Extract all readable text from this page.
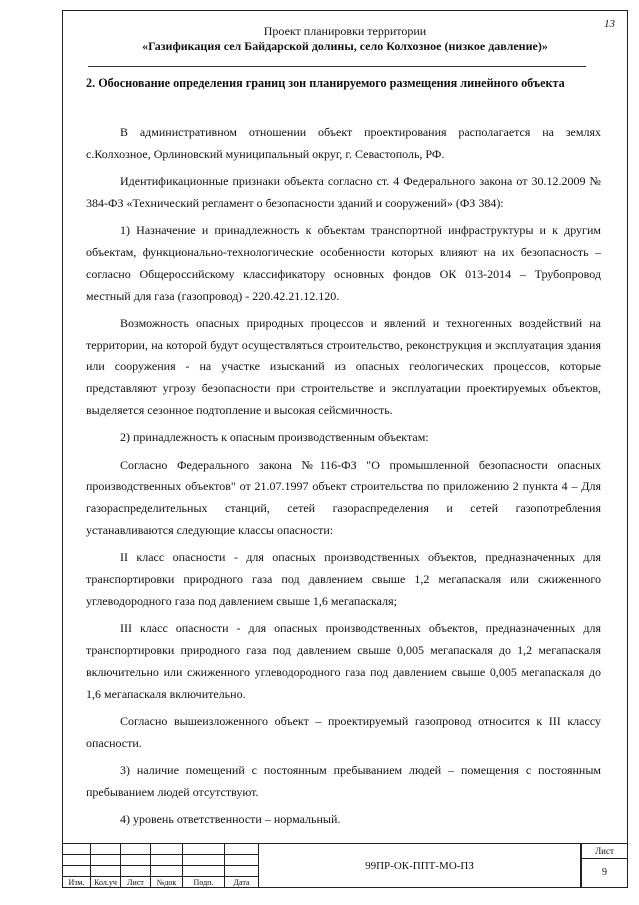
13
Проект планировки территории
«Газификация сел Байдарской долины, село Колхозное (низкое давление)»
2. Обоснование определения границ зон планируемого размещения линейного объекта

В административном отношении объект проектирования располагается на землях с.Колхозное, Орлиновский муниципальный округ, г. Севастополь, РФ.

Идентификационные признаки объекта согласно ст. 4 Федерального закона от 30.12.2009 № 384-ФЗ «Технический регламент о безопасности зданий и сооружений» (ФЗ 384):

1) Назначение и принадлежность к объектам транспортной инфраструктуры и к другим объектам, функционально-технологические особенности которых влияют на их безопасность – согласно Общероссийскому классификатору основных фондов ОК 013-2014 – Трубопровод местный для газа (газопровод) - 220.42.21.12.120.

Возможность опасных природных процессов и явлений и техногенных воздействий на территории, на которой будут осуществляться строительство, реконструкция и эксплуатация здания или сооружения - на участке изысканий из опасных геологических процессов, которые представляют угрозу безопасности при строительстве и эксплуатации проектируемых объектов, выделяется сезонное подтопление и высокая сейсмичность.

2) принадлежность к опасным производственным объектам:

Согласно Федерального закона №116-ФЗ "О промышленной безопасности опасных производственных объектов" от 21.07.1997 объект строительства по приложению 2 пункта 4 – Для газораспределительных станций, сетей газораспределения и сетей газопотребления устанавливаются следующие классы опасности:

II класс опасности - для опасных производственных объектов, предназначенных для транспортировки природного газа под давлением свыше 1,2 мегапаскаля или сжиженного углеводородного газа под давлением свыше 1,6 мегапаскаля;

III класс опасности - для опасных производственных объектов, предназначенных для транспортировки природного газа под давлением свыше 0,005 мегапаскаля до 1,2 мегапаскаля включительно или сжиженного углеводородного газа под давлением свыше 0,005 мегапаскаля до 1,6 мегапаскаля включительно.

Согласно вышеизложенного объект – проектируемый газопровод относится к III классу опасности.

3) наличие помещений с постоянным пребыванием людей – помещения с постоянным пребыванием людей отсутствуют.

4) уровень ответственности – нормальный.

Изм.	Кол.уч	Лист	№док	Подп.	Дата
99ПР-ОК-ППТ-МО-ПЗ
Лист
9
